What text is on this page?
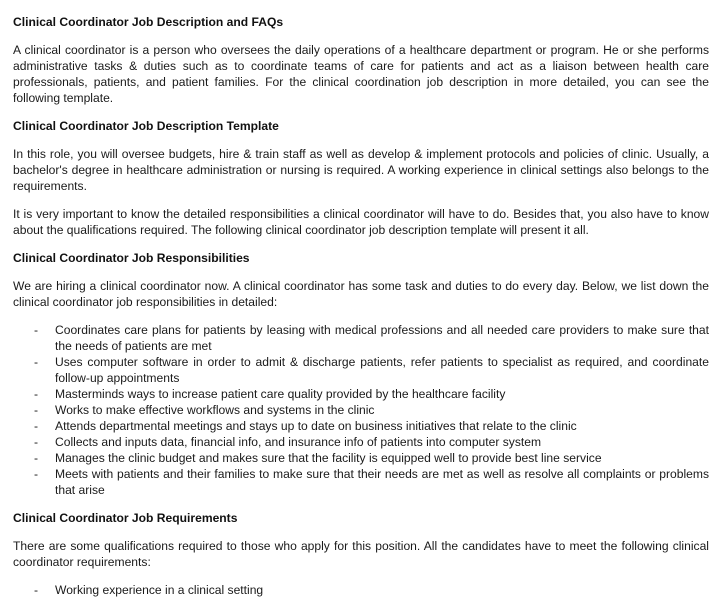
Clinical Coordinator Job Description and FAQs

A clinical coordinator is a person who oversees the daily operations of a healthcare department or program. He or she performs administrative tasks & duties such as to coordinate teams of care for patients and act as a liaison between health care professionals, patients, and patient families. For the clinical coordination job description in more detailed, you can see the following template.

Clinical Coordinator Job Description Template

In this role, you will oversee budgets, hire & train staff as well as develop & implement protocols and policies of clinic. Usually, a bachelor's degree in healthcare administration or nursing is required. A working experience in clinical settings also belongs to the requirements.

It is very important to know the detailed responsibilities a clinical coordinator will have to do. Besides that, you also have to know about the qualifications required. The following clinical coordinator job description template will present it all.

Clinical Coordinator Job Responsibilities

We are hiring a clinical coordinator now. A clinical coordinator has some task and duties to do every day. Below, we list down the clinical coordinator job responsibilities in detailed:

- Coordinates care plans for patients by leasing with medical professions and all needed care providers to make sure that the needs of patients are met
- Uses computer software in order to admit & discharge patients, refer patients to specialist as required, and coordinate follow-up appointments
- Masterminds ways to increase patient care quality provided by the healthcare facility
- Works to make effective workflows and systems in the clinic
- Attends departmental meetings and stays up to date on business initiatives that relate to the clinic
- Collects and inputs data, financial info, and insurance info of patients into computer system
- Manages the clinic budget and makes sure that the facility is equipped well to provide best line service
- Meets with patients and their families to make sure that their needs are met as well as resolve all complaints or problems that arise
Clinical Coordinator Job Requirements

There are some qualifications required to those who apply for this position. All the candidates have to meet the following clinical coordinator requirements:

- Working experience in a clinical setting
